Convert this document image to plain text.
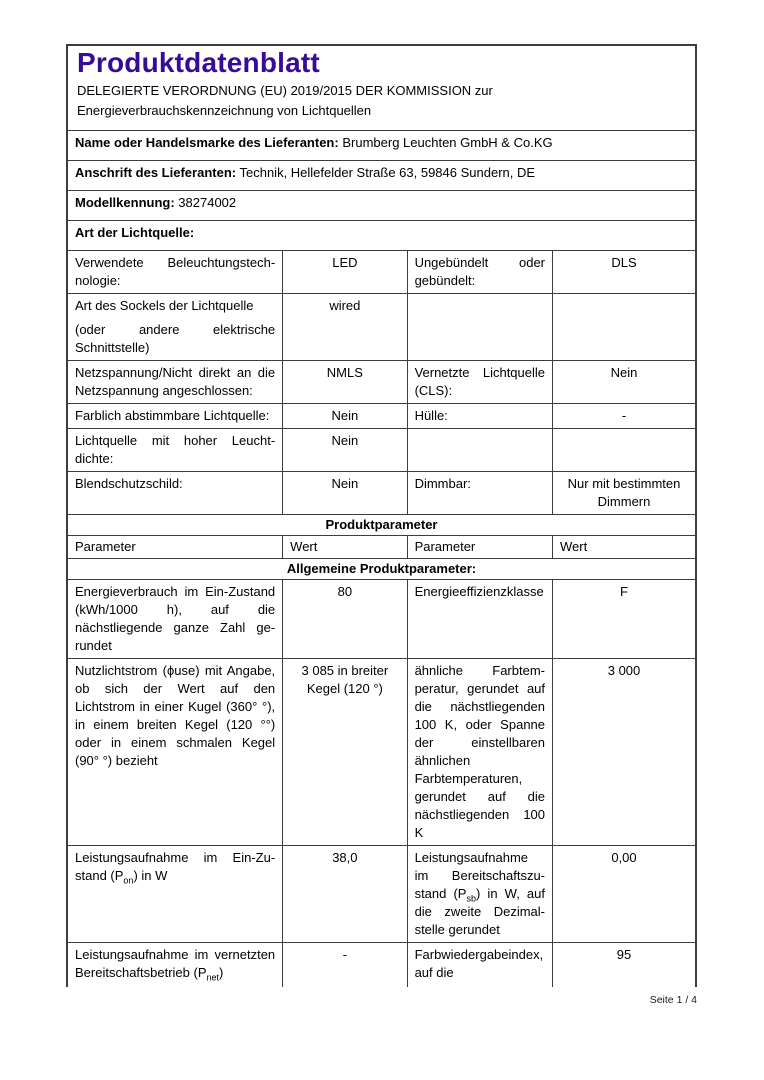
Produktdatenblatt
DELEGIERTE VERORDNUNG (EU) 2019/2015 DER KOMMISSION zur
Energieverbrauchskennzeichnung von Lichtquellen			

Name oder Handelsmarke des Lieferanten: Brumberg Leuchten GmbH & Co.KG			
Anschrift des Lieferanten: Technik, Hellefelder Straße 63, 59846 Sundern, DE			
Modellkennung: 38274002			
Art der Lichtquelle:			
Verwendete Beleuchtungstechnologie:	LED	Ungebündelt oder gebündelt:	DLS

Art des Sockels der Lichtquelle
(oder andere elektrische Schnittstelle)	wired		
Netzspannung/Nicht direkt an die Netzspannung angeschlossen:	NMLS	Vernetzte Lichtquelle (CLS):	Nein
Farblich abstimmbare Lichtquelle:	Nein	Hülle:	-
Lichtquelle mit hoher Leuchtdichte:	Nein		
Blendschutzschild:	Nein	Dimmbar:	Nur mit bestimmten Dimmern
Produktparameter			
Parameter	Wert	Parameter	Wert
Allgemeine Produktparameter:			
Energieverbrauch im Ein-Zustand (kWh/1000 h), auf die nächstliegende ganze Zahl gerundet	80	Energieeffizienzklasse	F
Nutzlichtstrom (ϕuse) mit Angabe, ob sich der Wert auf den Lichtstrom in einer Kugel (360° °), in einem breiten Kegel (120 °°) oder in einem schmalen Kegel (90° °) bezieht	3 085 in breiter Kegel (120 °)	ähnliche Farbtemperatur, gerundet auf die nächstliegenden 100 K, oder Spanne der einstellbaren ähnlichen Farbtemperaturen, gerundet auf die nächstliegenden 100 K	3 000
Leistungsaufnahme im Ein-Zustand $(P_{on})$ in W	38,0	Leistungsaufnahme im Bereitschaftszustand $(P_{sb})$ in W, auf die zweite Dezimalstelle gerundet	0,00

Leistungsaufnahme im vernetzten Bereitschaftsbetrieb $(P_{net})$	-	Farbwiedergabeindex, auf die	95
Seite 1 / 4
